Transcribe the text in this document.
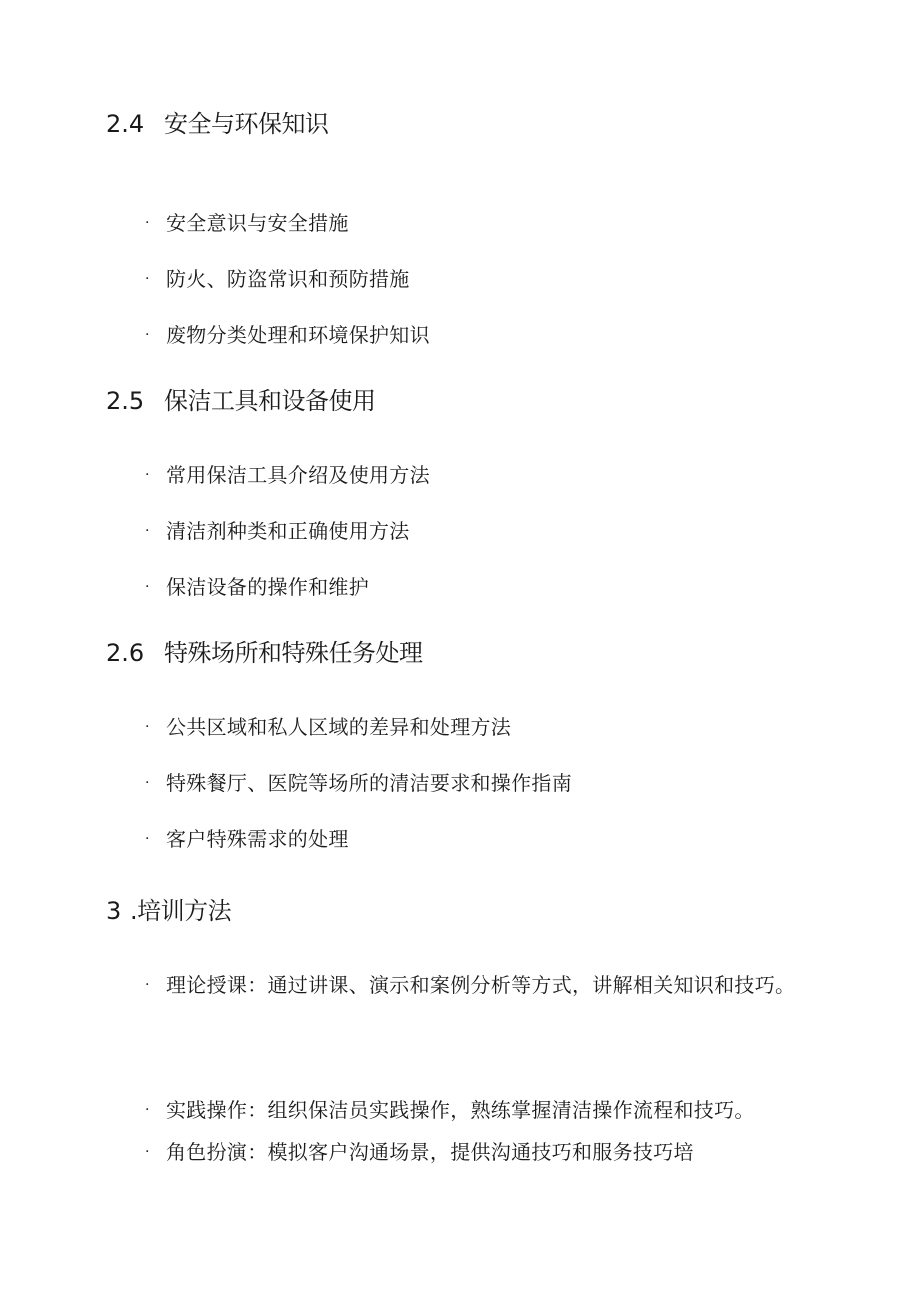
2.4 安全与环保知识
· 安全意识与安全措施
· 防火、防盗常识和预防措施
· 废物分类处理和环境保护知识
2.5 保洁工具和设备使用
· 常用保洁工具介绍及使用方法
· 清洁剂种类和正确使用方法
· 保洁设备的操作和维护
2.6 特殊场所和特殊任务处理
· 公共区域和私人区域的差异和处理方法
· 特殊餐厅、医院等场所的清洁要求和操作指南
· 客户特殊需求的处理
3 .培训方法
· 理论授课：通过讲课、演示和案例分析等方式，讲解相关知识和技巧。
· 实践操作：组织保洁员实践操作，熟练掌握清洁操作流程和技巧。
· 角色扮演：模拟客户沟通场景，提供沟通技巧和服务技巧培
